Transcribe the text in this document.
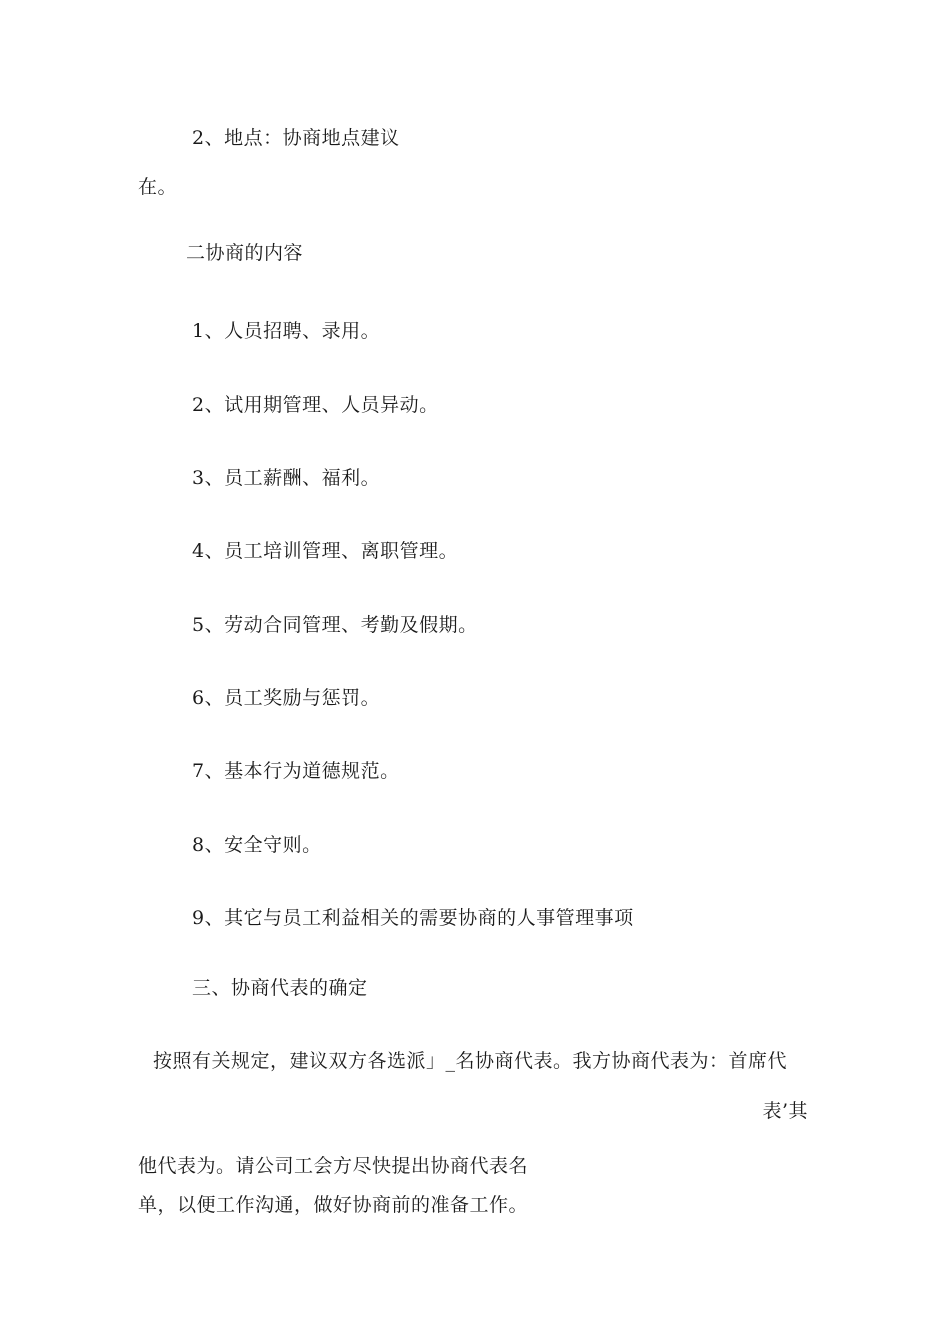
2、地点：协商地点建议
在。
二协商的内容
1、人员招聘、录用。
2、试用期管理、人员异动。
3、员工薪酬、福利。
4、员工培训管理、离职管理。
5、劳动合同管理、考勤及假期。
6、员工奖励与惩罚。
7、基本行为道德规范。
8、安全守则。
9、其它与员工利益相关的需要协商的人事管理事项
三、协商代表的确定
按照有关规定，建议双方各选派」_名协商代表。我方协商代表为：首席代
表’其
他代表为。请公司工会方尽快提出协商代表名
单，以便工作沟通，做好协商前的准备工作。
